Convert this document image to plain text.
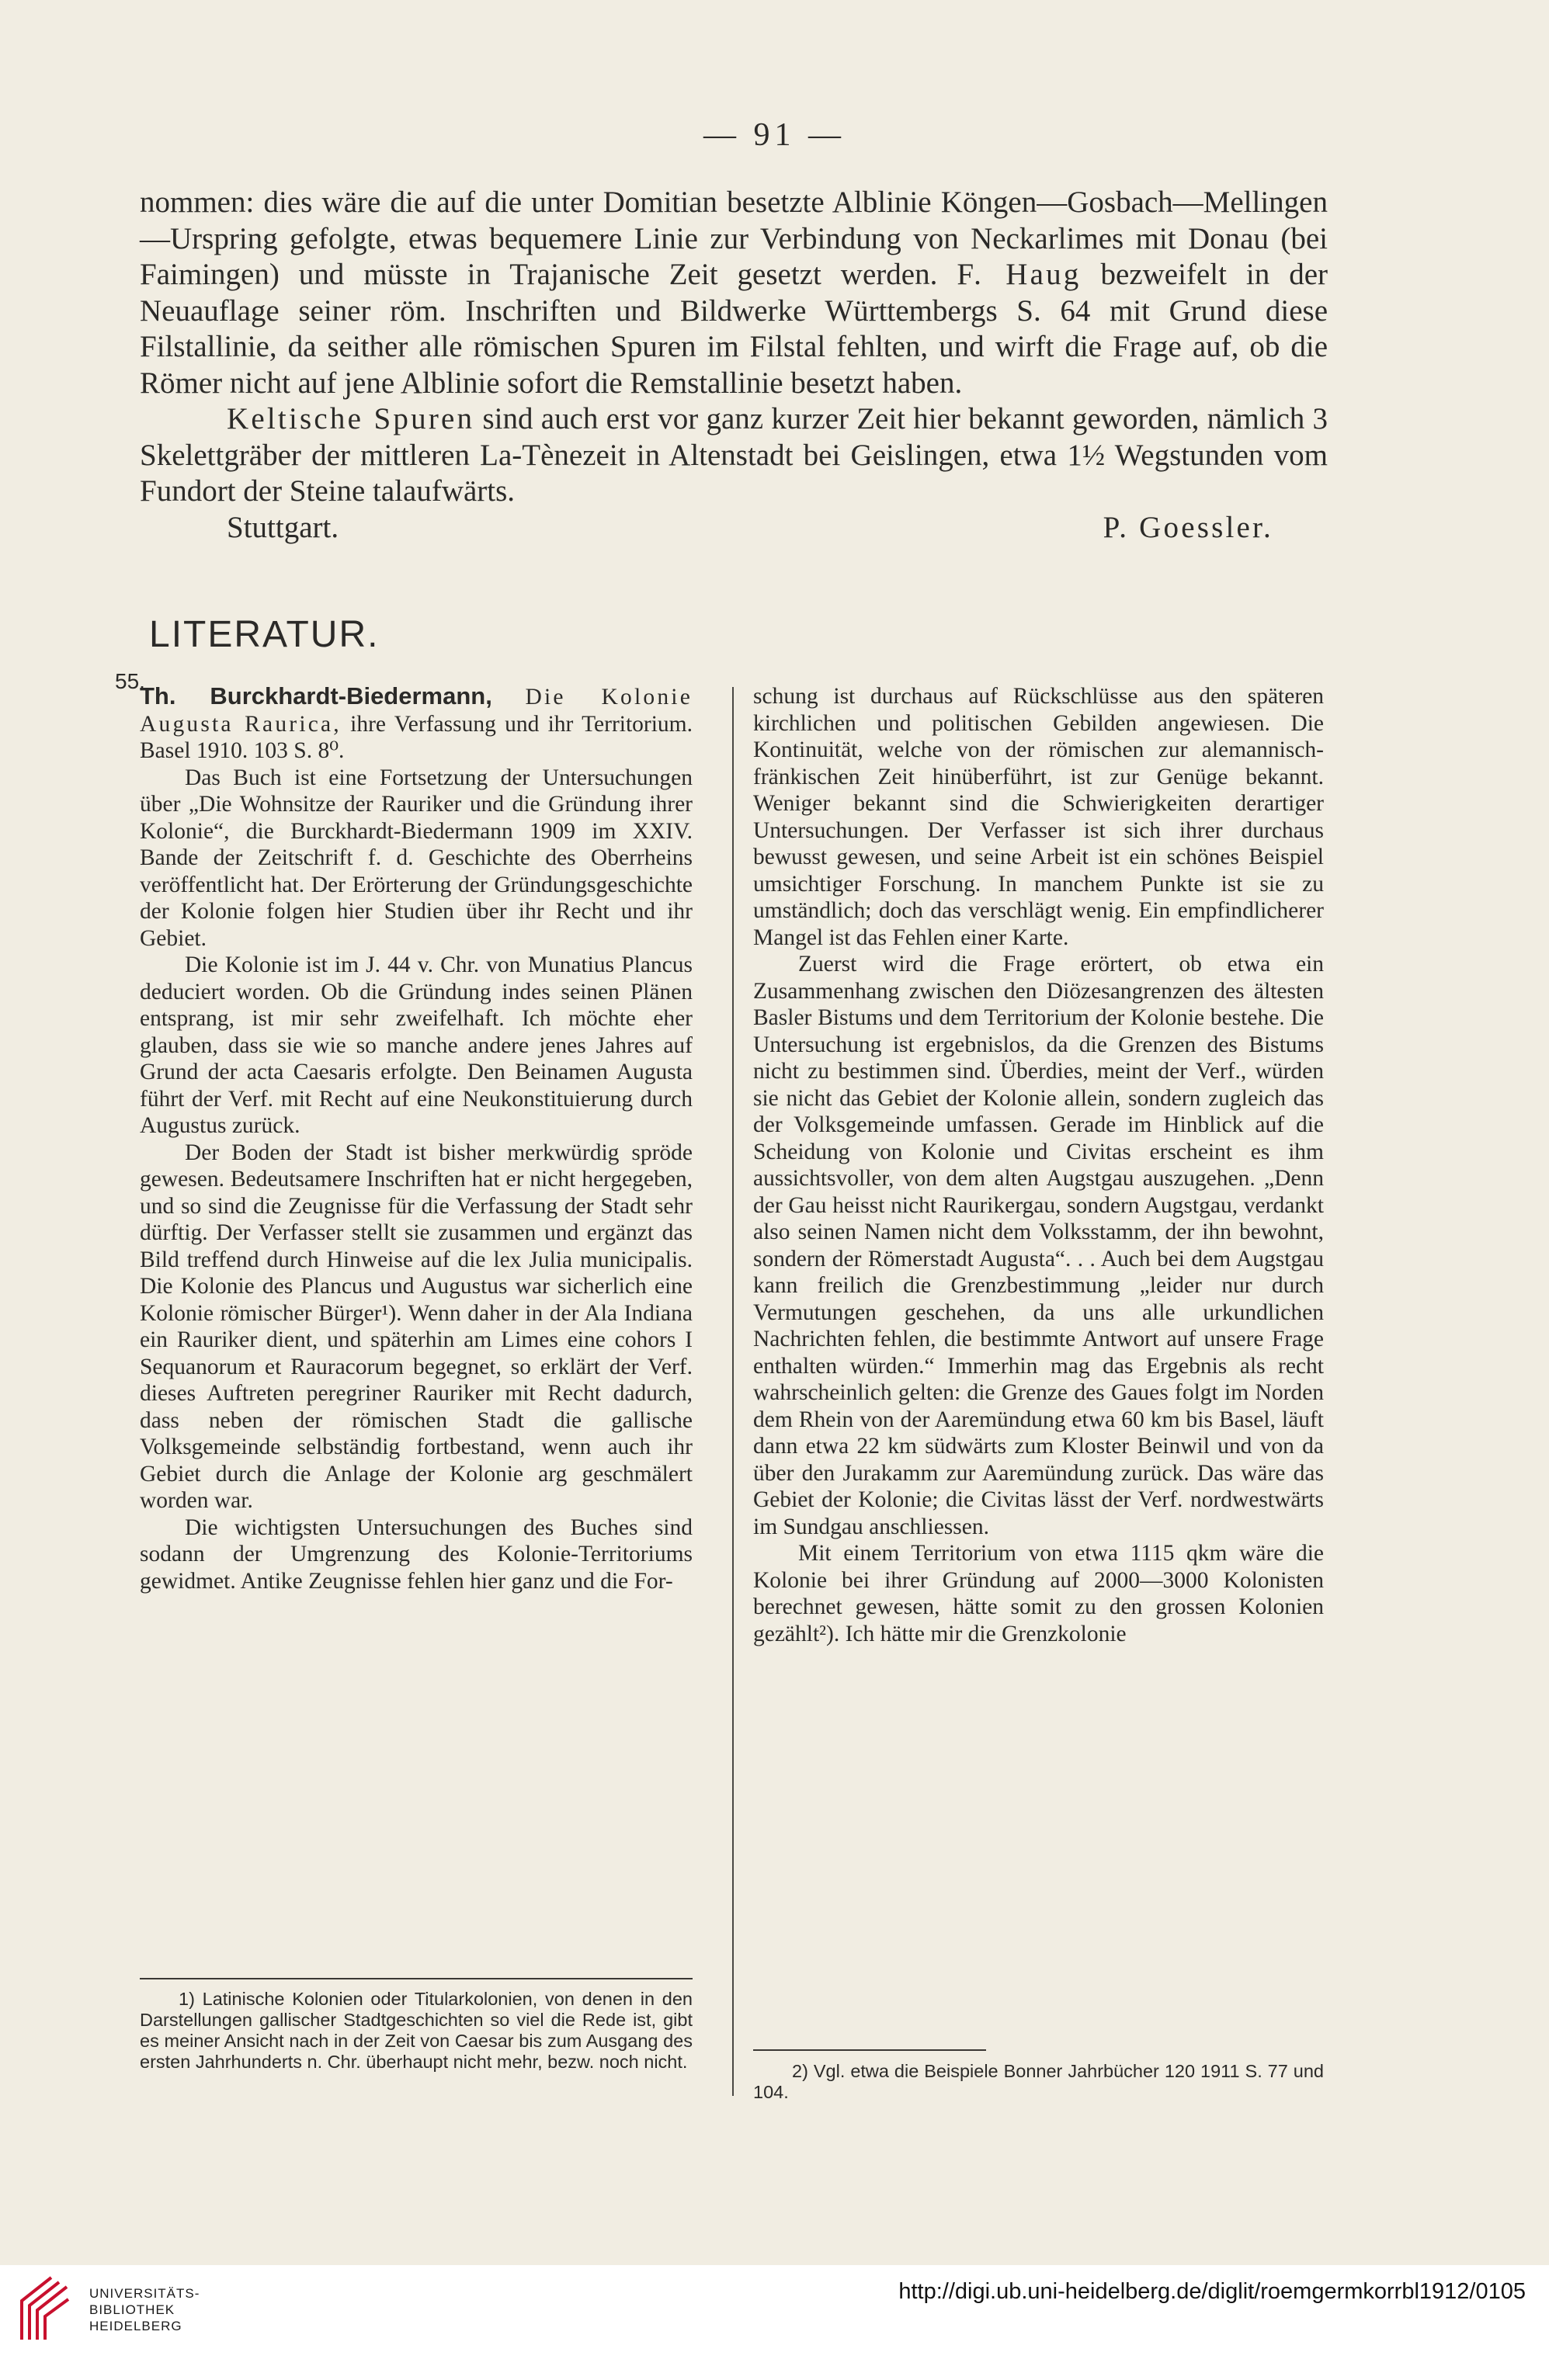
— 91 —

nommen: dies wäre die auf die unter Domitian besetzte Alblinie Köngen—Gosbach—Mellingen—Urspring gefolgte, etwas bequemere Linie zur Verbindung von Neckarlimes mit Donau (bei Faimingen) und müsste in Trajanische Zeit gesetzt werden. F. Haug bezweifelt in der Neuauflage seiner röm. Inschriften und Bildwerke Württembergs S. 64 mit Grund diese Filstallinie, da seither alle römischen Spuren im Filstal fehlten, und wirft die Frage auf, ob die Römer nicht auf jene Alblinie sofort die Remstallinie besetzt haben.

Keltische Spuren sind auch erst vor ganz kurzer Zeit hier bekannt geworden, nämlich 3 Skelettgräber der mittleren La-Tènezeit in Altenstadt bei Geislingen, etwa 1½ Wegstunden vom Fundort der Steine talaufwärts.

Stuttgart.	P. Goessler.
LITERATUR.
55.

Th. Burckhardt-Biedermann, Die Kolonie Augusta Raurica, ihre Verfassung und ihr Territorium. Basel 1910. 103 S. 8⁰.

Das Buch ist eine Fortsetzung der Untersuchungen über „Die Wohnsitze der Rauriker und die Gründung ihrer Kolonie“, die Burckhardt-Biedermann 1909 im XXIV. Bande der Zeitschrift f. d. Geschichte des Oberrheins veröffentlicht hat. Der Erörterung der Gründungsgeschichte der Kolonie folgen hier Studien über ihr Recht und ihr Gebiet.

Die Kolonie ist im J. 44 v. Chr. von Munatius Plancus deduciert worden. Ob die Gründung indes seinen Plänen entsprang, ist mir sehr zweifelhaft. Ich möchte eher glauben, dass sie wie so manche andere jenes Jahres auf Grund der acta Caesaris erfolgte. Den Beinamen Augusta führt der Verf. mit Recht auf eine Neukonstituierung durch Augustus zurück.

Der Boden der Stadt ist bisher merkwürdig spröde gewesen. Bedeutsamere Inschriften hat er nicht hergegeben, und so sind die Zeugnisse für die Verfassung der Stadt sehr dürftig. Der Verfasser stellt sie zusammen und ergänzt das Bild treffend durch Hinweise auf die lex Julia municipalis. Die Kolonie des Plancus und Augustus war sicherlich eine Kolonie römischer Bürger¹). Wenn daher in der Ala Indiana ein Rauriker dient, und späterhin am Limes eine cohors I Sequanorum et Rauracorum begegnet, so erklärt der Verf. dieses Auftreten peregriner Rauriker mit Recht dadurch, dass neben der römischen Stadt die gallische Volksgemeinde selbständig fortbestand, wenn auch ihr Gebiet durch die Anlage der Kolonie arg geschmälert worden war.

Die wichtigsten Untersuchungen des Buches sind sodann der Umgrenzung des Kolonie-Territoriums gewidmet. Antike Zeugnisse fehlen hier ganz und die For-

schung ist durchaus auf Rückschlüsse aus den späteren kirchlichen und politischen Gebilden angewiesen. Die Kontinuität, welche von der römischen zur alemannisch-fränkischen Zeit hinüberführt, ist zur Genüge bekannt. Weniger bekannt sind die Schwierigkeiten derartiger Untersuchungen. Der Verfasser ist sich ihrer durchaus bewusst gewesen, und seine Arbeit ist ein schönes Beispiel umsichtiger Forschung. In manchem Punkte ist sie zu umständlich; doch das verschlägt wenig. Ein empfindlicherer Mangel ist das Fehlen einer Karte.

Zuerst wird die Frage erörtert, ob etwa ein Zusammenhang zwischen den Diözesangrenzen des ältesten Basler Bistums und dem Territorium der Kolonie bestehe. Die Untersuchung ist ergebnislos, da die Grenzen des Bistums nicht zu bestimmen sind. Überdies, meint der Verf., würden sie nicht das Gebiet der Kolonie allein, sondern zugleich das der Volksgemeinde umfassen. Gerade im Hinblick auf die Scheidung von Kolonie und Civitas erscheint es ihm aussichtsvoller, von dem alten Augstgau auszugehen. „Denn der Gau heisst nicht Raurikergau, sondern Augstgau, verdankt also seinen Namen nicht dem Volksstamm, der ihn bewohnt, sondern der Römerstadt Augusta“. . . Auch bei dem Augstgau kann freilich die Grenzbestimmung „leider nur durch Vermutungen geschehen, da uns alle urkundlichen Nachrichten fehlen, die bestimmte Antwort auf unsere Frage enthalten würden.“ Immerhin mag das Ergebnis als recht wahrscheinlich gelten: die Grenze des Gaues folgt im Norden dem Rhein von der Aaremündung etwa 60 km bis Basel, läuft dann etwa 22 km südwärts zum Kloster Beinwil und von da über den Jurakamm zur Aaremündung zurück. Das wäre das Gebiet der Kolonie; die Civitas lässt der Verf. nordwestwärts im Sundgau anschliessen.

Mit einem Territorium von etwa 1115 qkm wäre die Kolonie bei ihrer Gründung auf 2000—3000 Kolonisten berechnet gewesen, hätte somit zu den grossen Kolonien gezählt²). Ich hätte mir die Grenzkolonie

1) Latinische Kolonien oder Titularkolonien, von denen in den Darstellungen gallischer Stadtgeschichten so viel die Rede ist, gibt es meiner Ansicht nach in der Zeit von Caesar bis zum Ausgang des ersten Jahrhunderts n. Chr. überhaupt nicht mehr, bezw. noch nicht.	2) Vgl. etwa die Beispiele Bonner Jahrbücher 120 1911 S. 77 und 104.

UNIVERSITÄTS-
BIBLIOTHEK
HEIDELBERG
http://digi.ub.uni-heidelberg.de/diglit/roemgermkorrbl1912/0105
